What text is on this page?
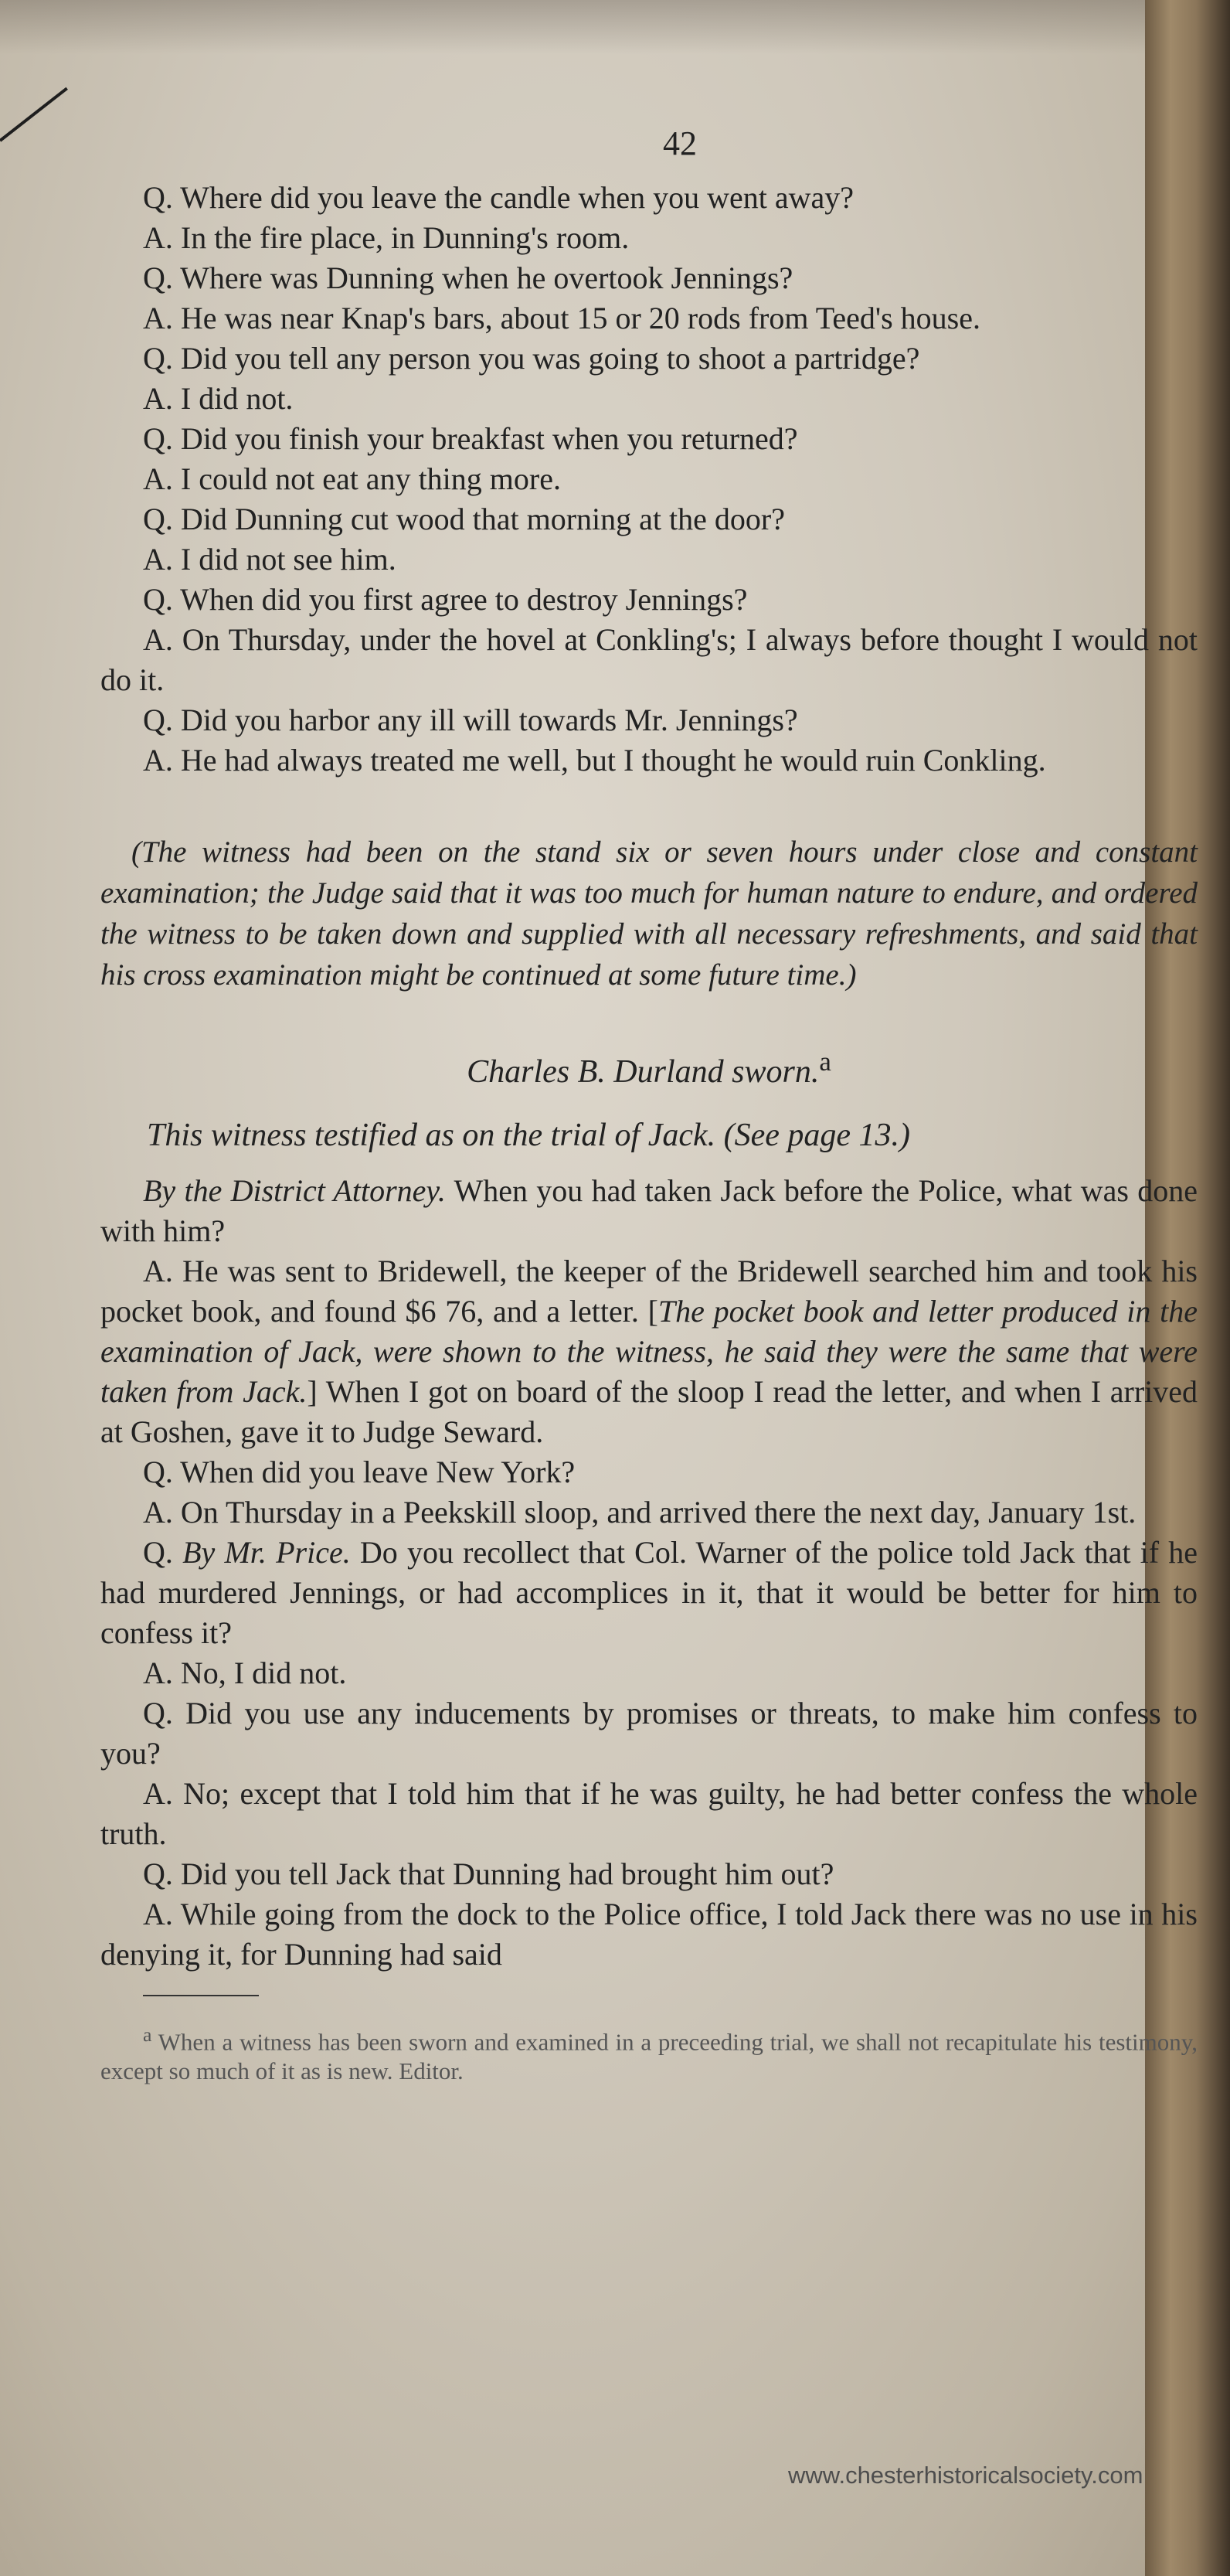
42

Q. Where did you leave the candle when you went away?

A. In the fire place, in Dunning's room.

Q. Where was Dunning when he overtook Jennings?

A. He was near Knap's bars, about 15 or 20 rods from Teed's house.

Q. Did you tell any person you was going to shoot a partridge?

A. I did not.

Q. Did you finish your breakfast when you returned?

A. I could not eat any thing more.

Q. Did Dunning cut wood that morning at the door?

A. I did not see him.

Q. When did you first agree to destroy Jennings?

A. On Thursday, under the hovel at Conkling's; I always before thought I would not do it.

Q. Did you harbor any ill will towards Mr. Jennings?

A. He had always treated me well, but I thought he would ruin Conkling.

(The witness had been on the stand six or seven hours under close and constant examination; the Judge said that it was too much for human nature to endure, and ordered the witness to be taken down and supplied with all necessary refreshments, and said that his cross examination might be continued at some future time.)

Charles B. Durland sworn.$^a$
This witness testified as on the trial of Jack. (See page 13.)

By the District Attorney. When you had taken Jack before the Police, what was done with him?

A. He was sent to Bridewell, the keeper of the Bridewell searched him and took his pocket book, and found $6 76, and a letter. [The pocket book and letter produced in the examination of Jack, were shown to the witness, he said they were the same that were taken from Jack.] When I got on board of the sloop I read the letter, and when I arrived at Goshen, gave it to Judge Seward.

Q. When did you leave New York?

A. On Thursday in a Peekskill sloop, and arrived there the next day, January 1st.

Q. By Mr. Price. Do you recollect that Col. Warner of the police told Jack that if he had murdered Jennings, or had accomplices in it, that it would be better for him to confess it?

A. No, I did not.

Q. Did you use any inducements by promises or threats, to make him confess to you?

A. No; except that I told him that if he was guilty, he had better confess the whole truth.

Q. Did you tell Jack that Dunning had brought him out?

A. While going from the dock to the Police office, I told Jack there was no use in his denying it, for Dunning had said

$^a$ When a witness has been sworn and examined in a preceeding trial, we shall not recapitulate his testimony, except so much of it as is new. Editor.

www.chesterhistoricalsociety.com
